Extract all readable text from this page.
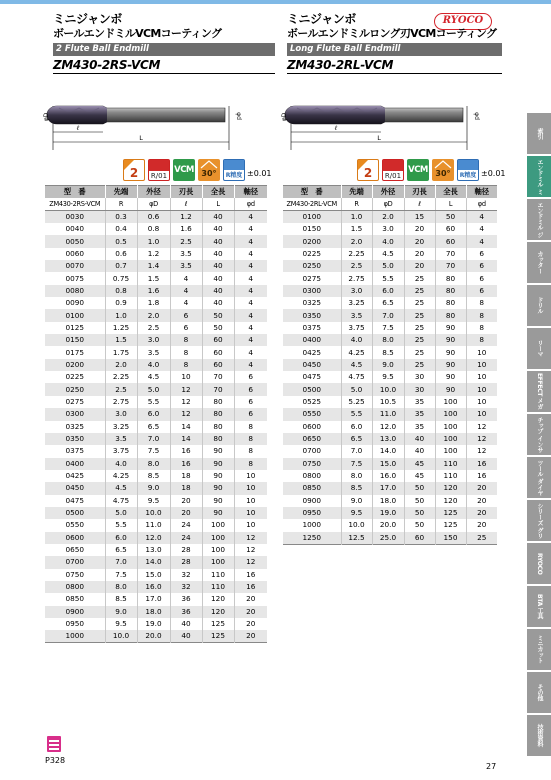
RYOCO
ミニジャンボ
ボールエンドミルVCMコーティング
2 Flute Ball Endmill
ZM430-2RS-VCM
ミニジャンボ
ボールエンドミルロング刃VCMコーティング
Long Flute Ball Endmill
ZM430-2RL-VCM
φD	φd
ℓ
L
φD	φd
ℓ
L
2	R/01
VCM 30°	R精度 ±0.01	2	R/01
VCM 30°	R精度 ±0.01
型　番	先端	外径	刃長	全長	軸径
ZM430-2RS-VCM	R	φD	ℓ	L	φd
0030	0.3	0.6	1.2	40	4
0040	0.4	0.8	1.6	40	4
0050	0.5	1.0	2.5	40	4
0060	0.6	1.2	3.5	40	4
0070	0.7	1.4	3.5	40	4
0075	0.75	1.5	4	40	4
0080	0.8	1.6	4	40	4
0090	0.9	1.8	4	40	4
0100	1.0	2.0	6	50	4
0125	1.25	2.5	6	50	4
0150	1.5	3.0	8	60	4
0175	1.75	3.5	8	60	4
0200	2.0	4.0	8	60	4
0225	2.25	4.5	10	70	6
0250	2.5	5.0	12	70	6
0275	2.75	5.5	12	80	6
0300	3.0	6.0	12	80	6
0325	3.25	6.5	14	80	8
0350	3.5	7.0	14	80	8
0375	3.75	7.5	16	90	8
0400	4.0	8.0	16	90	8
0425	4.25	8.5	18	90	10
0450	4.5	9.0	18	90	10
0475	4.75	9.5	20	90	10
0500	5.0	10.0	20	90	10
0550	5.5	11.0	24	100	10
0600	6.0	12.0	24	100	12
0650	6.5	13.0	28	100	12
0700	7.0	14.0	28	100	12
0750	7.5	15.0	32	110	16
0800	8.0	16.0	32	110	16
0850	8.5	17.0	36	120	20
0900	9.0	18.0	36	120	20
0950	9.5	19.0	40	125	20
1000	10.0	20.0	40	125	20
型　番	先端	外径	刃長	全長	軸径
ZM430-2RL-VCM	R	φD	ℓ	L	φd
0100	1.0	2.0	15	50	4
0150	1.5	3.0	20	60	4
0200	2.0	4.0	20	60	4
0225	2.25	4.5	20	70	6
0250	2.5	5.0	20	70	6
0275	2.75	5.5	25	80	6
0300	3.0	6.0	25	80	6
0325	3.25	6.5	25	80	8
0350	3.5	7.0	25	80	8
0375	3.75	7.5	25	90	8
0400	4.0	8.0	25	90	8
0425	4.25	8.5	25	90	10
0450	4.5	9.0	25	90	10
0475	4.75	9.5	30	90	10
0500	5.0	10.0	30	90	10
0525	5.25	10.5	35	100	10
0550	5.5	11.0	35	100	10
0600	6.0	12.0	35	100	12
0650	6.5	13.0	40	100	12
0700	7.0	14.0	40	100	12
0750	7.5	15.0	45	110	16
0800	8.0	16.0	45	110	16
0850	8.5	17.0	50	120	20
0900	9.0	18.0	50	120	20
0950	9.5	19.0	50	125	20
1000	10.0	20.0	50	125	20
1250	12.5	25.0	60	150	25
索引
エンドミル ミニジャンボ
エンドミル ジャンボ
カッター
ドリル
リーマ
EFFECT メガネ
チップ インサート
ツール ダイヤモンド
シリーズ グリップ
RYOCO KOMET
BTA 工具
ミニカット
その他
技術資料
P328
27
